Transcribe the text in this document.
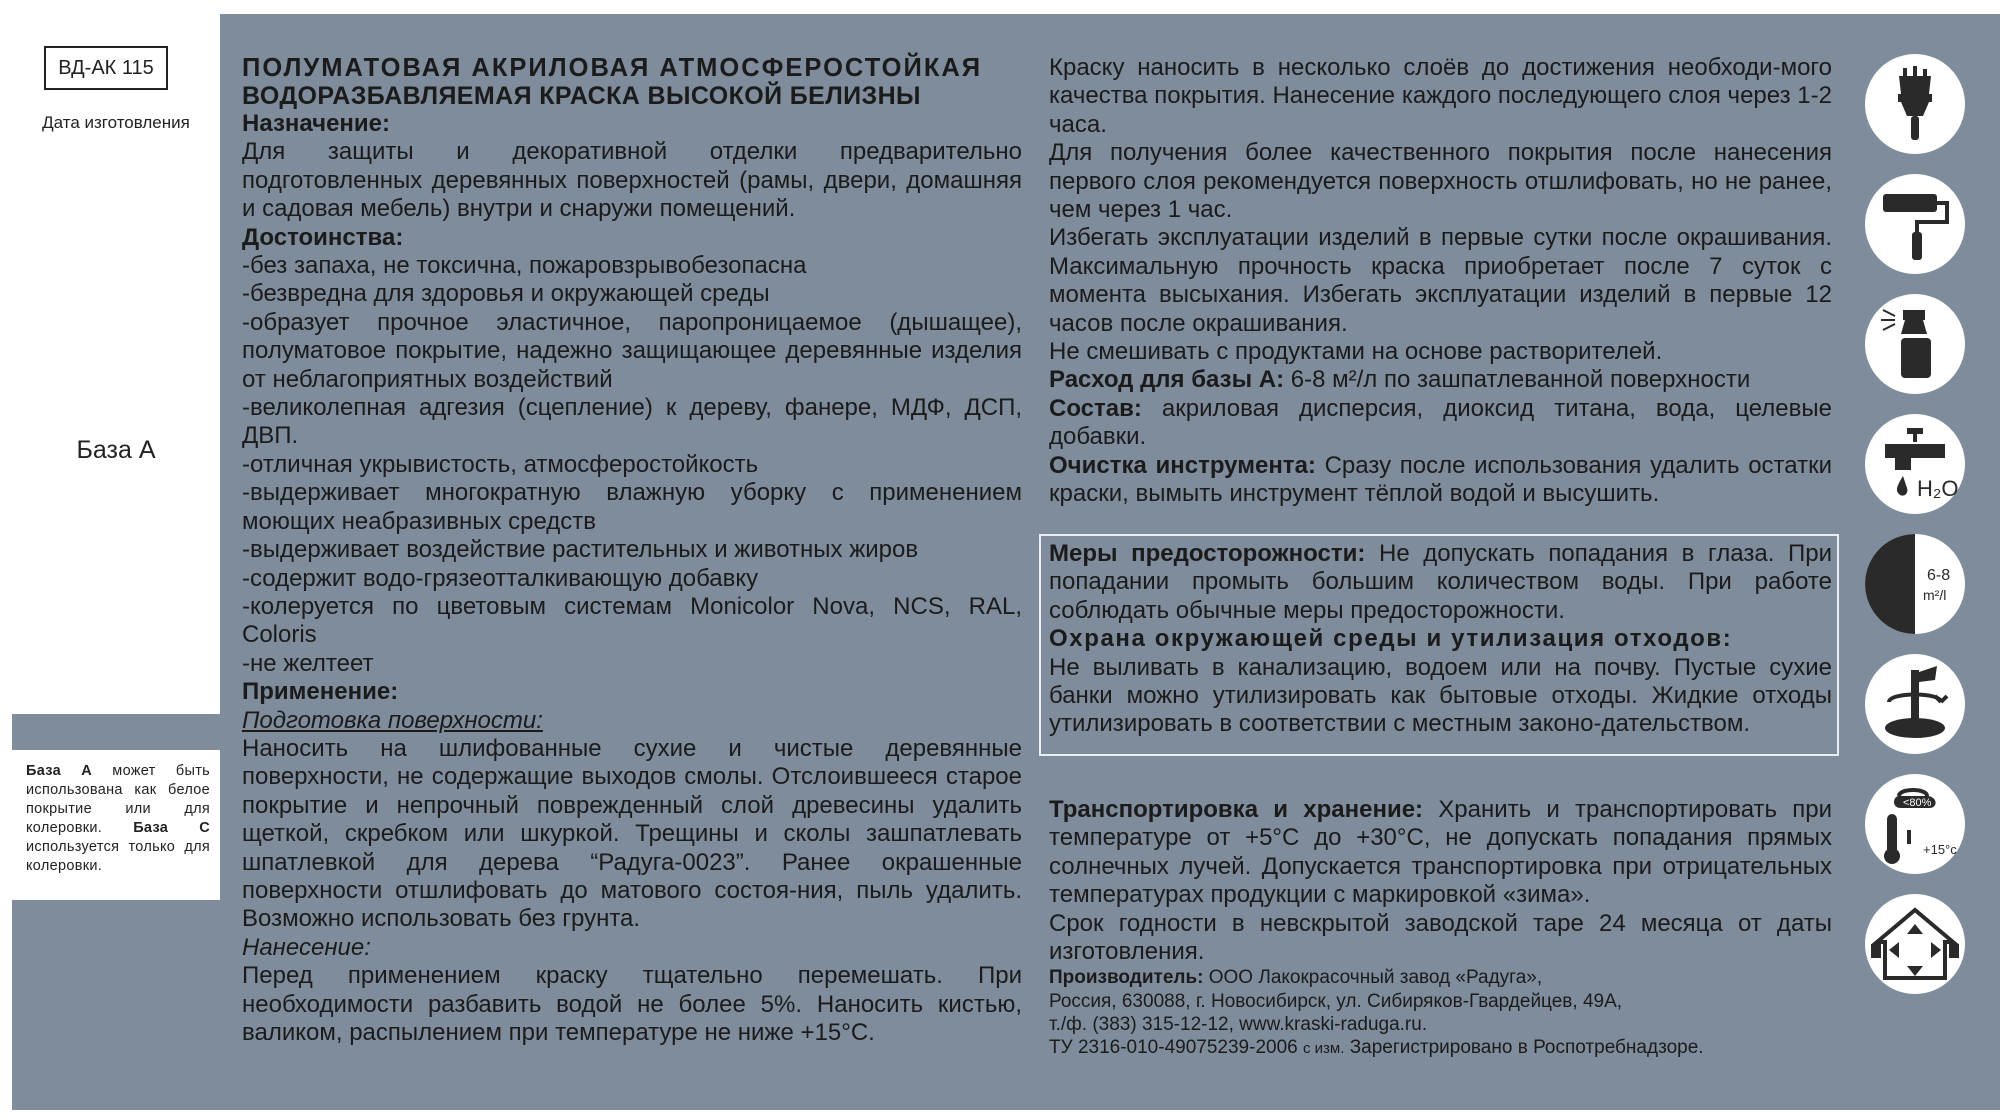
ВД-АК 115
Дата изготовления
База А
База А может быть использована как белое покрытие или для колеровки. База С используется только для колеровки.

ПОЛУМАТОВАЯ АКРИЛОВАЯ АТМОСФЕРОСТОЙКАЯ

ВОДОРАЗБАВЛЯЕМАЯ КРАСКА ВЫСОКОЙ БЕЛИЗНЫ

Назначение:

Для защиты и декоративной отделки предварительно подготовленных деревянных поверхностей (рамы, двери, домашняя и садовая мебель) внутри и снаружи помещений.

Достоинства:

-без запаха, не токсична, пожаровзрывобезопасна

-безвредна для здоровья и окружающей среды

-образует прочное эластичное, паропроницаемое (дышащее), полуматовое покрытие, надежно защищающее деревянные изделия от неблагоприятных воздействий

-великолепная адгезия (сцепление) к дереву, фанере, МДФ, ДСП, ДВП.

-отличная укрывистость, атмосферостойкость

-выдерживает многократную влажную уборку с применением моющих неабразивных средств

-выдерживает воздействие растительных и животных жиров

-содержит водо-грязеотталкивающую добавку

-колеруется по цветовым системам Monicolor Nova, NCS, RAL, Coloris

-не желтеет

Применение:

Подготовка поверхности:

Наносить на шлифованные сухие и чистые деревянные поверхности, не содержащие выходов смолы. Отслоившееся старое покрытие и непрочный поврежденный слой древесины удалить щеткой, скребком или шкуркой. Трещины и сколы зашпатлевать шпатлевкой для дерева “Радуга-0023”. Ранее окрашенные поверхности отшлифовать до матового состоя-ния, пыль удалить. Возможно использовать без грунта.

Нанесение:

Перед применением краску тщательно перемешать. При необходимости разбавить водой не более 5%. Наносить кистью, валиком, распылением при температуре не ниже +15°С.

Краску наносить в несколько слоёв до достижения необходи-мого качества покрытия. Нанесение каждого последующего слоя через 1-2 часа.

Для получения более качественного покрытия после нанесения первого слоя рекомендуется поверхность отшлифовать, но не ранее, чем через 1 час.

Избегать эксплуатации изделий в первые сутки после окрашивания. Максимальную прочность краска приобретает после 7 суток с момента высыхания. Избегать эксплуатации изделий в первые 12 часов после окрашивания.

Не смешивать с продуктами на основе растворителей.

Расход для базы А: 6-8 м²/л по зашпатлеванной поверхности

Состав: акриловая дисперсия, диоксид титана, вода, целевые добавки.

Очистка инструмента: Сразу после использования удалить остатки краски, вымыть инструмент тёплой водой и высушить.

Меры предосторожности: Не допускать попадания в глаза. При попадании промыть большим количеством воды. При работе соблюдать обычные меры предосторожности.

Охрана окружающей среды и утилизация отходов:

Не выливать в канализацию, водоем или на почву. Пустые сухие банки можно утилизировать как бытовые отходы. Жидкие отходы утилизировать в соответствии с местным законо-дательством.

Транспортировка и хранение: Хранить и транспортировать при температуре от +5°С до +30°С, не допускать попадания прямых солнечных лучей. Допускается транспортировка при отрицательных температурах продукции с маркировкой «зима».

Срок годности в невскрытой заводской таре 24 месяца от даты изготовления.

Производитель: ООО Лакокрасочный завод «Радуга»,

Россия, 630088, г. Новосибирск, ул. Сибиряков-Гвардейцев, 49А,

т./ф. (383) 315-12-12, www.kraski-raduga.ru.

ТУ 2316-010-49075239-2006 с изм. Зарегистрировано в Роспотребнадзоре.

H₂O
6-8
m²/l
<80%
+15°c
